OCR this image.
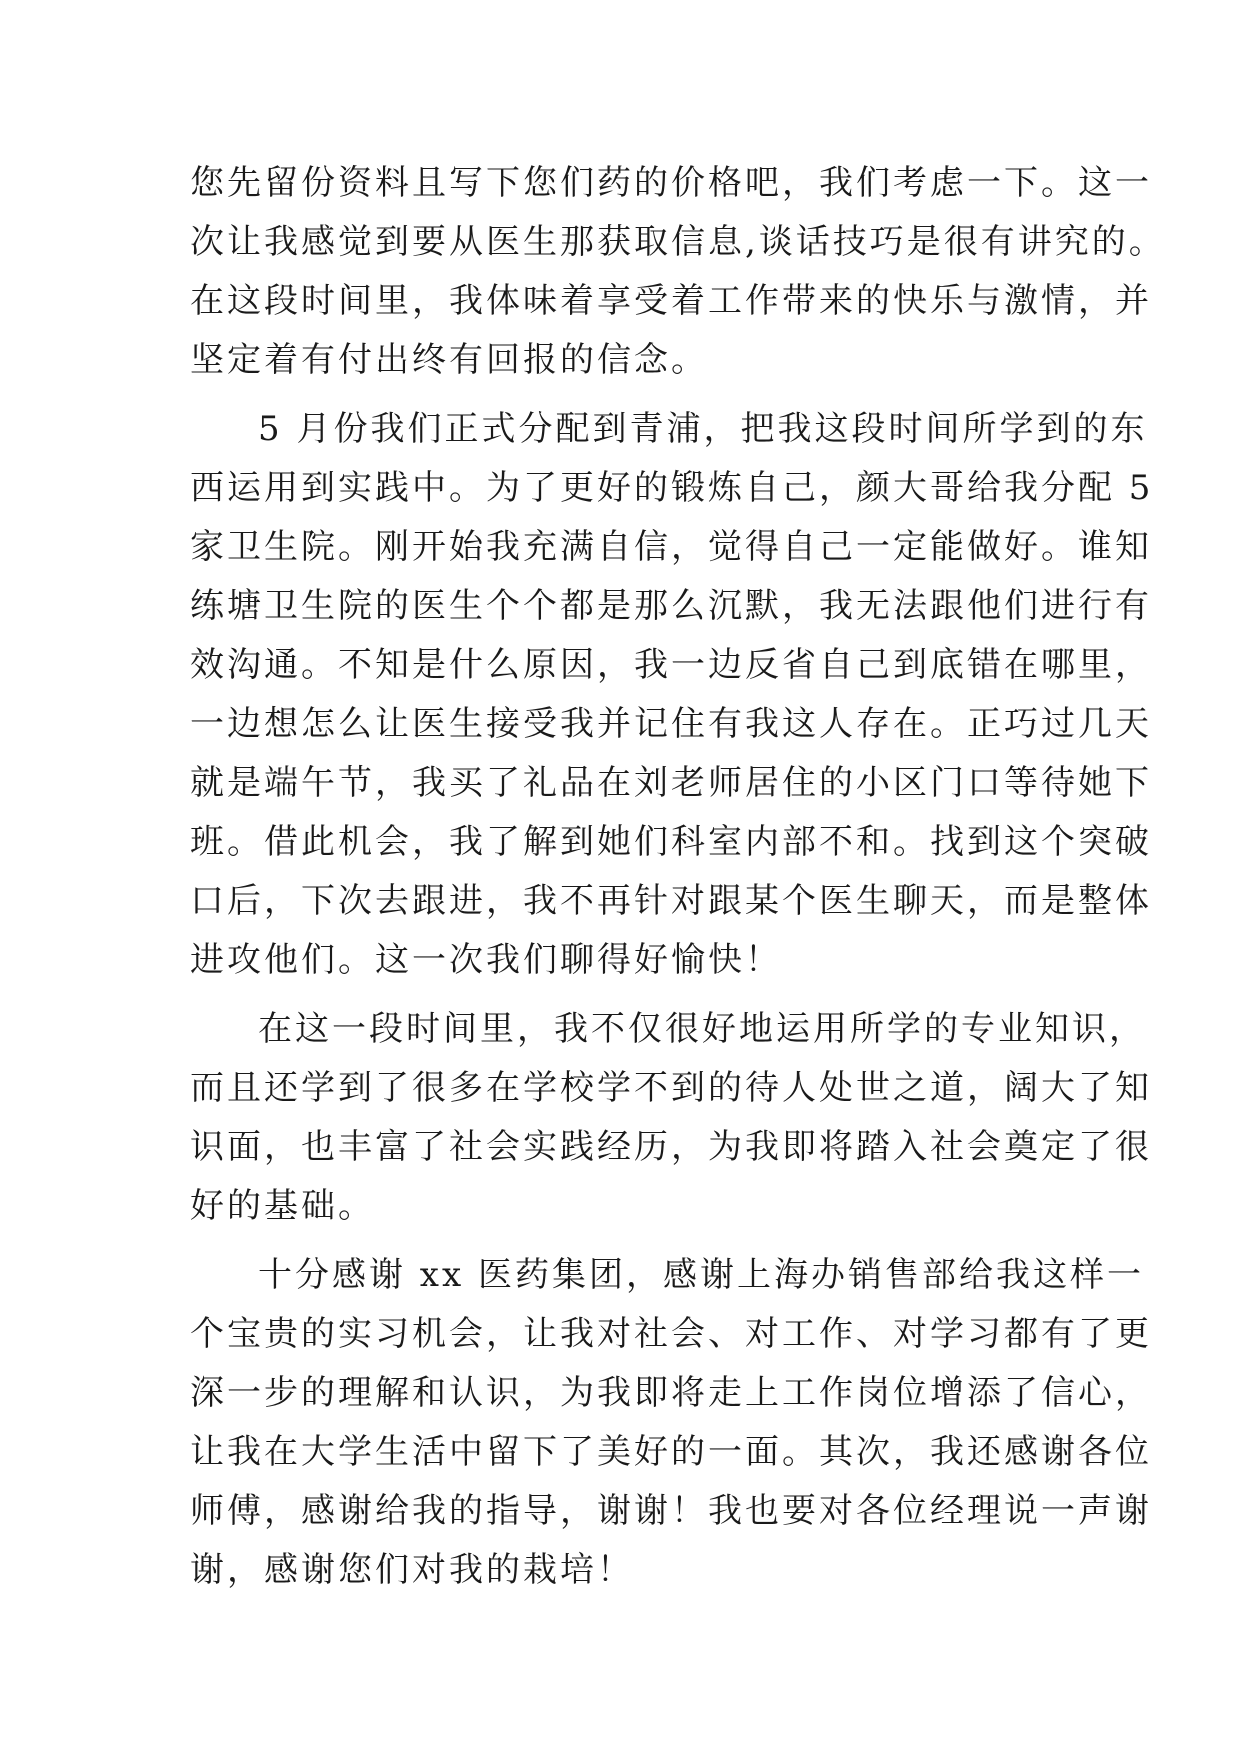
您先留份资料且写下您们药的价格吧，我们考虑一下。这一
次让我感觉到要从医生那获取信息,谈话技巧是很有讲究的。
在这段时间里，我体味着享受着工作带来的快乐与激情，并
坚定着有付出终有回报的信念。
5 月份我们正式分配到青浦，把我这段时间所学到的东
西运用到实践中。为了更好的锻炼自己，颜大哥给我分配 5
家卫生院。刚开始我充满自信，觉得自己一定能做好。谁知
练塘卫生院的医生个个都是那么沉默，我无法跟他们进行有
效沟通。不知是什么原因，我一边反省自己到底错在哪里，
一边想怎么让医生接受我并记住有我这人存在。正巧过几天
就是端午节，我买了礼品在刘老师居住的小区门口等待她下
班。借此机会，我了解到她们科室内部不和。找到这个突破
口后，下次去跟进，我不再针对跟某个医生聊天，而是整体
进攻他们。这一次我们聊得好愉快！
在这一段时间里，我不仅很好地运用所学的专业知识，
而且还学到了很多在学校学不到的待人处世之道，阔大了知
识面，也丰富了社会实践经历，为我即将踏入社会奠定了很
好的基础。
十分感谢 xx 医药集团，感谢上海办销售部给我这样一
个宝贵的实习机会，让我对社会、对工作、对学习都有了更
深一步的理解和认识，为我即将走上工作岗位增添了信心，
让我在大学生活中留下了美好的一面。其次，我还感谢各位
师傅，感谢给我的指导，谢谢！我也要对各位经理说一声谢
谢，感谢您们对我的栽培！
